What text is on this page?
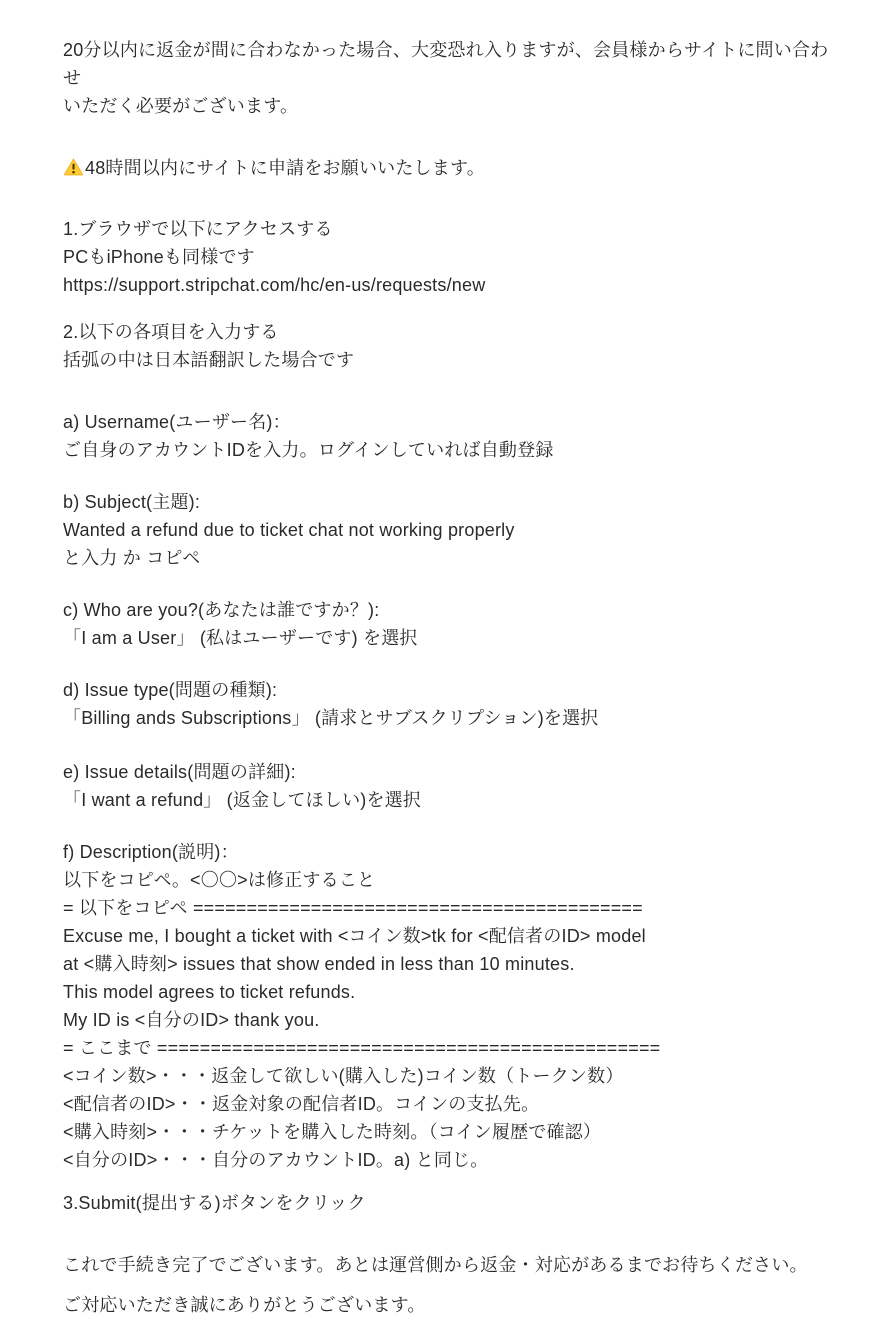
20分以内に返金が間に合わなかった場合、大変恐れ入りますが、会員様からサイトに問い合わせ
いただく必要がございます。

48時間以内にサイトに申請をお願いいたします。

1.ブラウザで以下にアクセスする
PCもiPhoneも同様です
https://support.stripchat.com/hc/en-us/requests/new

2.以下の各項目を入力する
括弧の中は日本語翻訳した場合です

a) Username(ユーザー名)：
ご自身のアカウントIDを入力。ログインしていれば自動登録

b) Subject(主題):
Wanted a refund due to ticket chat not working properly
と入力 か コピペ

c) Who are you?(あなたは誰ですか？):
「I am a User」 (私はユーザーです) を選択

d) Issue type(問題の種類):
「Billing ands Subscriptions」 (請求とサブスクリプション)を選択

e) Issue details(問題の詳細):
「I want a refund」 (返金してほしい)を選択

f) Description(説明)：
以下をコピペ。<〇〇>は修正すること
= 以下をコピペ ==========================================
Excuse me, I bought a ticket with <コイン数>tk for <配信者のID> model
at <購入時刻> issues that show ended in less than 10 minutes.
This model agrees to ticket refunds.
My ID is <自分のID> thank you.
= ここまで ===============================================
<コイン数>・・・返金して欲しい(購入した)コイン数（トークン数）
<配信者のID>・・返金対象の配信者ID。コインの支払先。
<購入時刻>・・・チケットを購入した時刻。（コイン履歴で確認）
<自分のID>・・・自分のアカウントID。a) と同じ。

3.Submit(提出する)ボタンをクリック

これで手続き完了でございます。あとは運営側から返金・対応があるまでお待ちください。

ご対応いただき誠にありがとうございます。
